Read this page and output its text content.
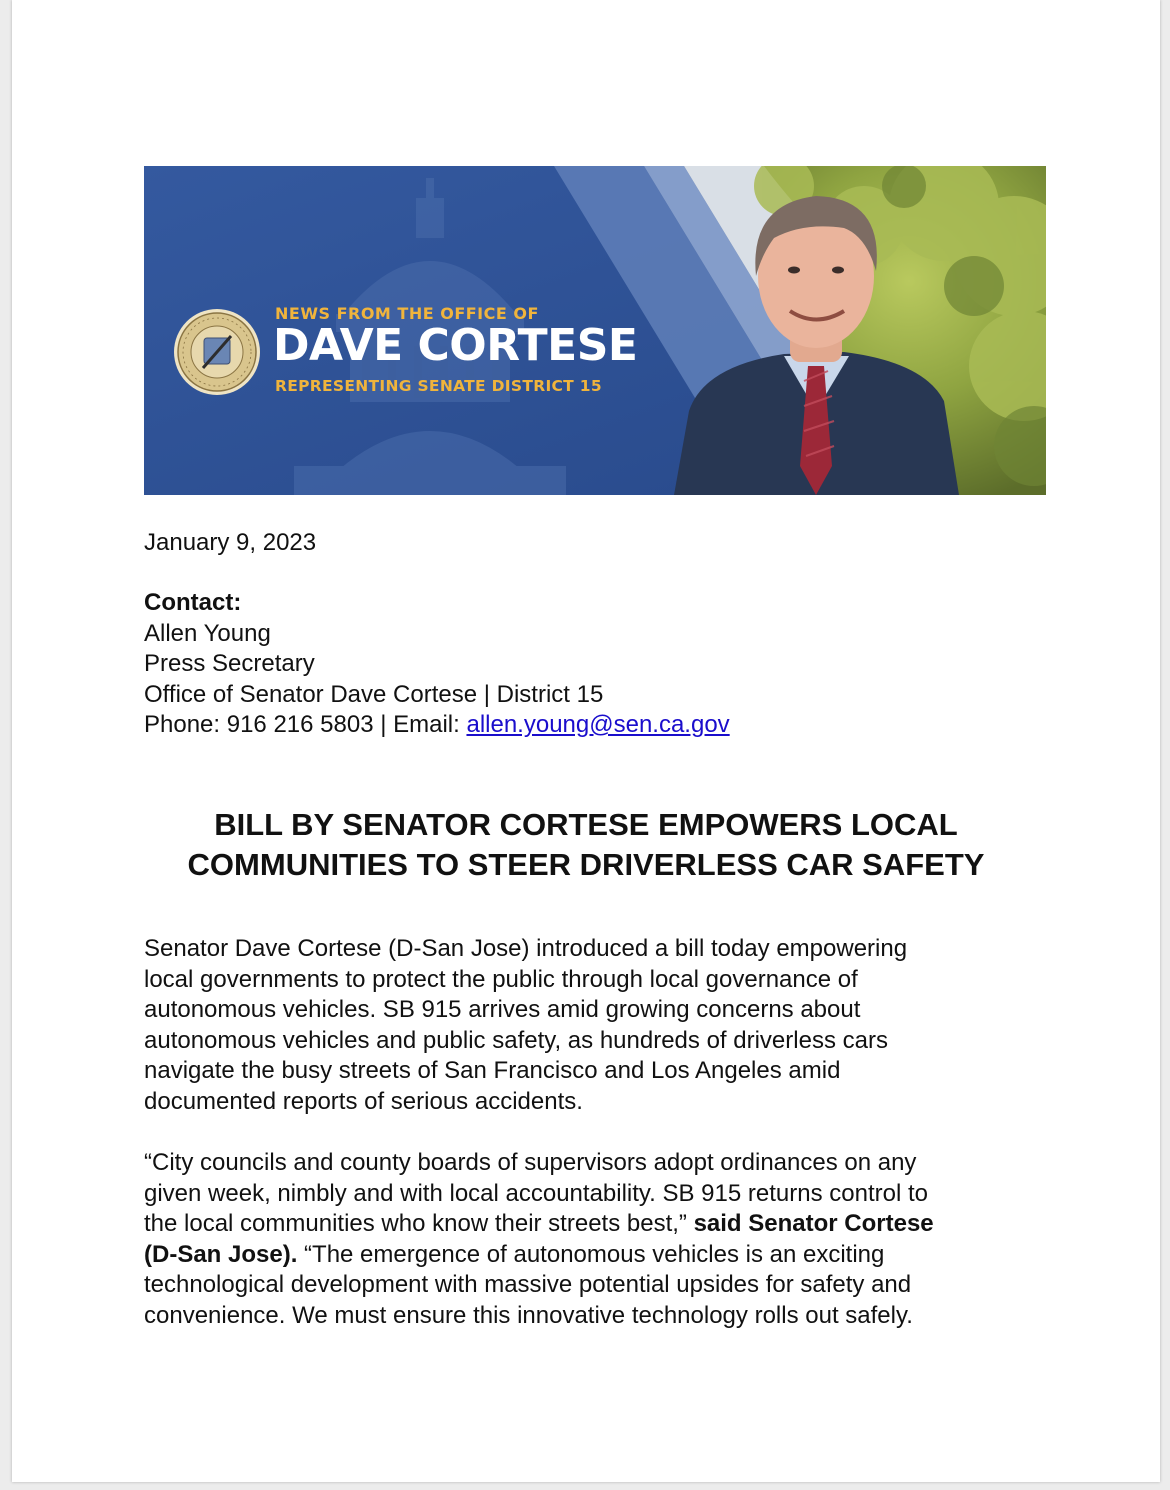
NEWS FROM THE OFFICE OF
DAVE CORTESE
REPRESENTING SENATE DISTRICT 15
January 9, 2023
Contact:
Allen Young
Press Secretary
Office of Senator Dave Cortese | District 15
Phone: 916 216 5803 | Email: allen.young@sen.ca.gov
BILL BY SENATOR CORTESE EMPOWERS LOCAL
COMMUNITIES TO STEER DRIVERLESS CAR SAFETY
Senator Dave Cortese (D-San Jose) introduced a bill today empowering
local governments to protect the public through local governance of
autonomous vehicles. SB 915 arrives amid growing concerns about
autonomous vehicles and public safety, as hundreds of driverless cars
navigate the busy streets of San Francisco and Los Angeles amid
documented reports of serious accidents.
“City councils and county boards of supervisors adopt ordinances on any
given week, nimbly and with local accountability. SB 915 returns control to
the local communities who know their streets best,” said Senator Cortese
(D-San Jose). “The emergence of autonomous vehicles is an exciting
technological development with massive potential upsides for safety and
convenience. We must ensure this innovative technology rolls out safely.
